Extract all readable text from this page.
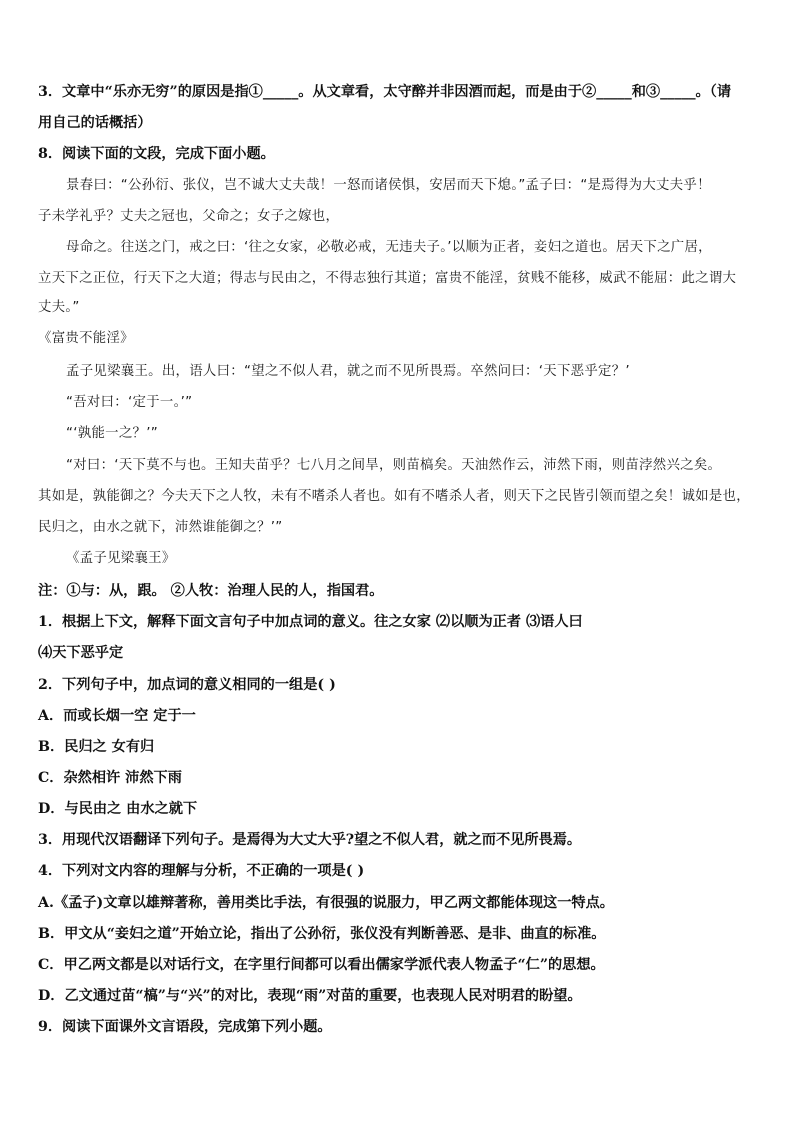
3．文章中“乐亦无穷”的原因是指①_____。从文章看，太守醉并非因酒而起，而是由于②_____和③_____。（请
用自己的话概括）
8．阅读下面的文段，完成下面小题。
景春曰：“公孙衍、张仪，岂不诚大丈夫哉！一怒而诸侯惧，安居而天下熄。”孟子曰：“是焉得为大丈夫乎！
子未学礼乎？丈夫之冠也，父命之；女子之嫁也，
母命之。往送之门，戒之曰：‘往之女家，必敬必戒，无违夫子。’以顺为正者，妾妇之道也。居天下之广居，
立天下之正位，行天下之大道；得志与民由之，不得志独行其道；富贵不能淫，贫贱不能移，威武不能屈：此之谓大
丈夫。”
《富贵不能淫》
孟子见梁襄王。出，语人曰：“望之不似人君，就之而不见所畏焉。卒然问曰：‘天下恶乎定？’
“吾对曰：‘定于一。’”
“‘孰能一之？’”
“对曰：‘天下莫不与也。王知夫苗乎？七八月之间旱，则苗槁矣。天油然作云，沛然下雨，则苗浡然兴之矣。
其如是，孰能御之？今夫天下之人牧，未有不嗜杀人者也。如有不嗜杀人者，则天下之民皆引领而望之矣！诚如是也，
民归之，由水之就下，沛然谁能御之？’”
《孟子见梁襄王》
注：①与：从，跟。 ②人牧：治理人民的人，指国君。
1．根据上下文，解释下面文言句子中加点词的意义。往之女家 ⑵以顺为正者 ⑶语人曰
⑷天下恶乎定
2．下列句子中，加点词的意义相同的一组是( )
A．而或长烟一空 定于一
B．民归之 女有归
C．杂然相许 沛然下雨
D．与民由之 由水之就下
3．用现代汉语翻译下列句子。是焉得为大丈大乎?望之不似人君，就之而不见所畏焉。
4．下列对文内容的理解与分析，不正确的一项是( )
A.《孟子)文章以雄辩著称，善用类比手法，有很强的说服力，甲乙两文都能体现这一特点。
B．甲文从“妾妇之道”开始立论，指出了公孙衍，张仪没有判断善恶、是非、曲直的标准。
C．甲乙两文都是以对话行文，在字里行间都可以看出儒家学派代表人物孟子“仁”的思想。
D．乙文通过苗“槁”与“兴”的对比，表现“雨”对苗的重要，也表现人民对明君的盼望。
9．阅读下面课外文言语段，完成第下列小题。
